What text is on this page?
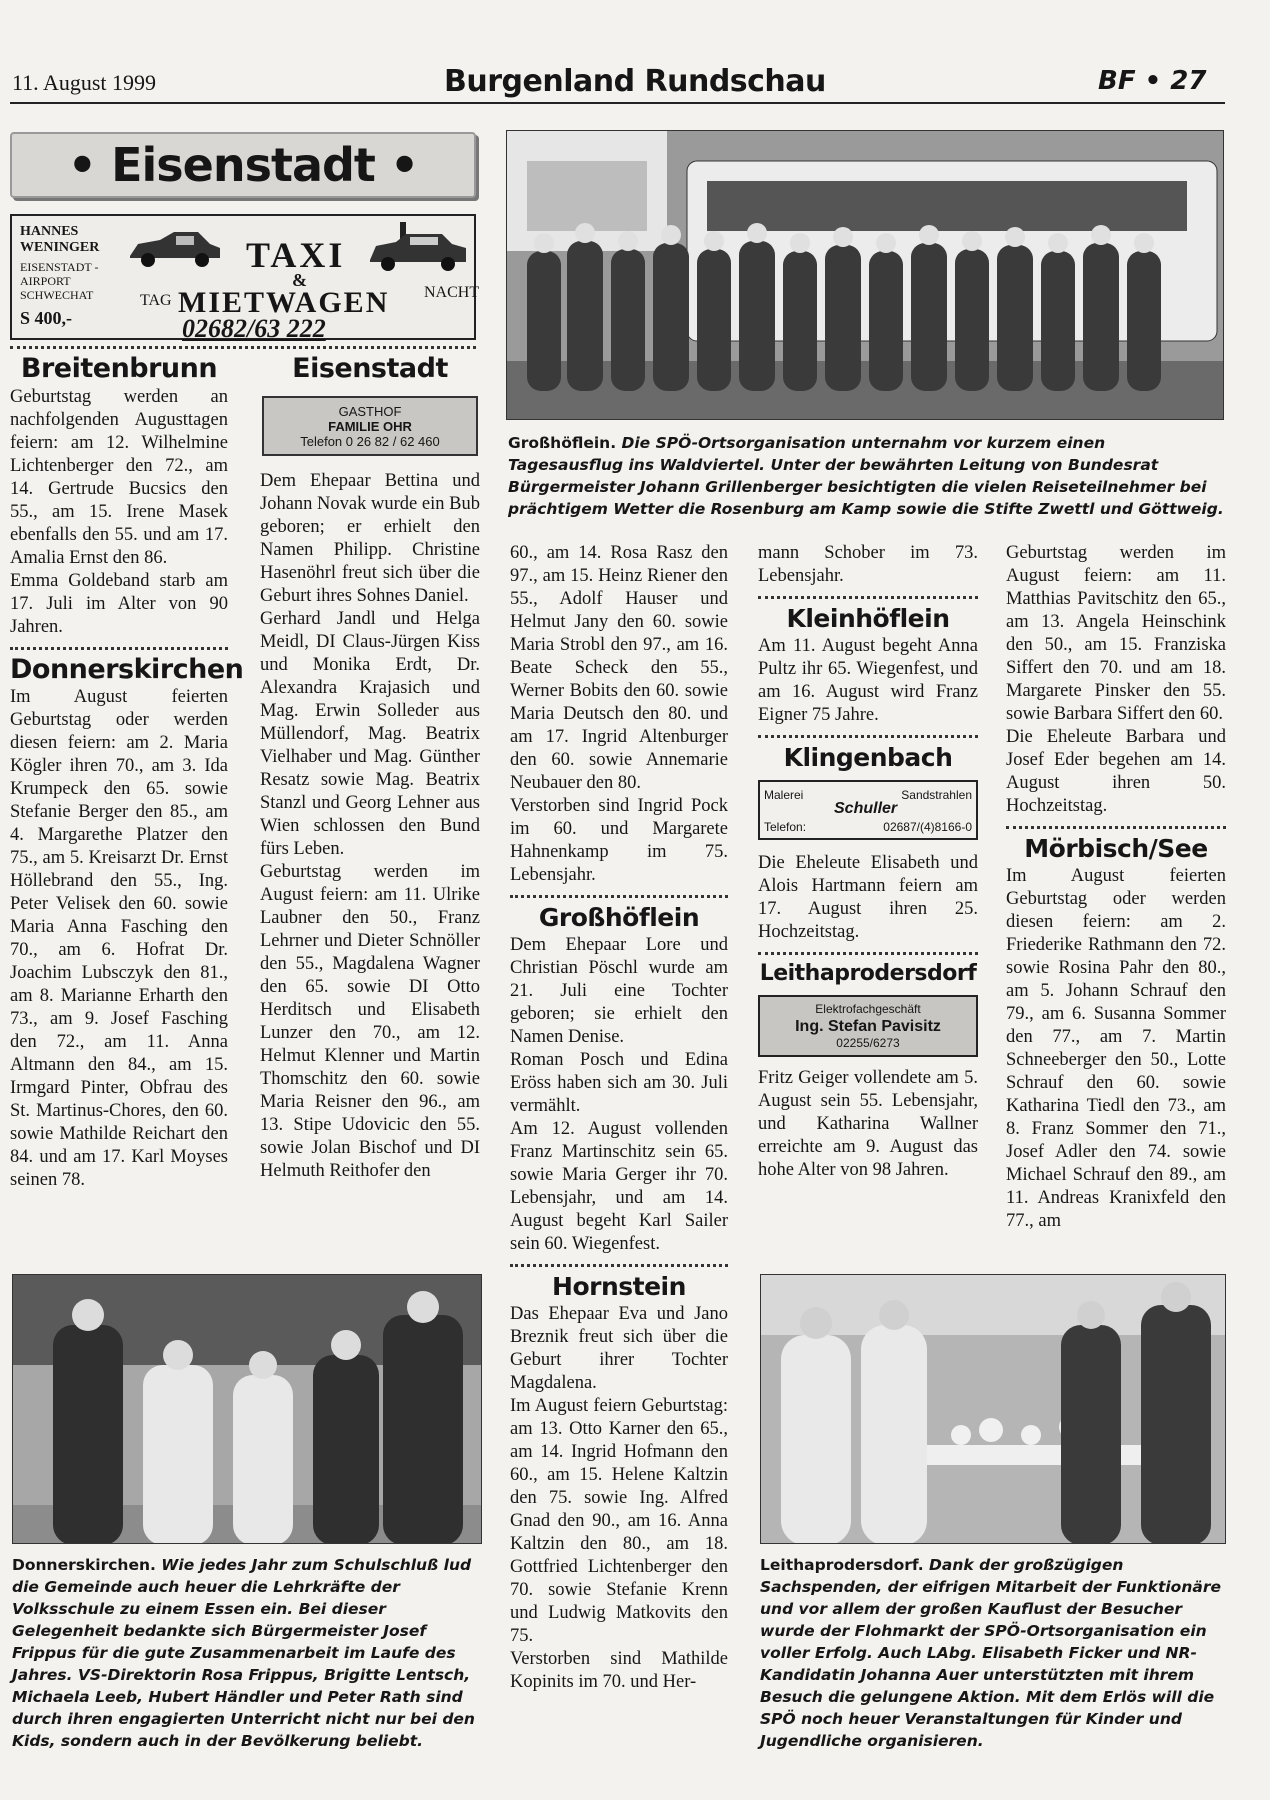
11. August 1999	Burgenland Rundschau	BF • 27
• Eisenstadt •
HANNES WENINGER
EISENSTADT - AIRPORT SCHWECHAT
S 400,-
TAXI
&
TAG MIETWAGEN NACHT
02682/63 222
Breitenbrunn

Geburtstag werden an nachfolgenden Augusttagen feiern: am 12. Wilhelmine Lichtenberger den 72., am 14. Gertrude Bucsics den 55., am 15. Irene Masek ebenfalls den 55. und am 17. Amalia Ernst den 86.

Emma Goldeband starb am 17. Juli im Alter von 90 Jahren.

Donnerskirchen

Im August feierten Geburtstag oder werden diesen feiern: am 2. Maria Kögler ihren 70., am 3. Ida Krumpeck den 65. sowie Stefanie Berger den 85., am 4. Margarethe Platzer den 75., am 5. Kreisarzt Dr. Ernst Höllebrand den 55., Ing. Peter Velisek den 60. sowie Maria Anna Fasching den 70., am 6. Hofrat Dr. Joachim Lubsczyk den 81., am 8. Marianne Erharth den 73., am 9. Josef Fasching den 72., am 11. Anna Altmann den 84., am 15. Irmgard Pinter, Obfrau des St. Martinus-Chores, den 60. sowie Mathilde Reichart den 84. und am 17. Karl Moyses seinen 78.

Eisenstadt
GASTHOF
FAMILIE OHR
Telefon 0 26 82 / 62 460

Dem Ehepaar Bettina und Johann Novak wurde ein Bub geboren; er erhielt den Namen Philipp. Christine Hasenöhrl freut sich über die Geburt ihres Sohnes Daniel.

Gerhard Jandl und Helga Meidl, DI Claus-Jürgen Kiss und Monika Erdt, Dr. Alexandra Krajasich und Mag. Erwin Solleder aus Müllendorf, Mag. Beatrix Vielhaber und Mag. Günther Resatz sowie Mag. Beatrix Stanzl und Georg Lehner aus Wien schlossen den Bund fürs Leben.

Geburtstag werden im August feiern: am 11. Ulrike Laubner den 50., Franz Lehrner und Dieter Schnöller den 55., Magdalena Wagner den 65. sowie DI Otto Herditsch und Elisabeth Lunzer den 70., am 12. Helmut Klenner und Martin Thomschitz den 60. sowie Maria Reisner den 96., am 13. Stipe Udovicic den 55. sowie Jolan Bischof und DI Helmuth Reithofer den

Großhöflein. Die SPÖ-Ortsorganisation unternahm vor kurzem einen Tagesausflug ins Waldviertel. Unter der bewährten Leitung von Bundesrat Bürgermeister Johann Grillenberger besichtigten die vielen Reiseteilnehmer bei prächtigem Wetter die Rosenburg am Kamp sowie die Stifte Zwettl und Göttweig.

60., am 14. Rosa Rasz den 97., am 15. Heinz Riener den 55., Adolf Hauser und Helmut Jany den 60. sowie Maria Strobl den 97., am 16. Beate Scheck den 55., Werner Bobits den 60. sowie Maria Deutsch den 80. und am 17. Ingrid Altenburger den 60. sowie Annemarie Neubauer den 80.

Verstorben sind Ingrid Pock im 60. und Margarete Hahnenkamp im 75. Lebensjahr.

Großhöflein

Dem Ehepaar Lore und Christian Pöschl wurde am 21. Juli eine Tochter geboren; sie erhielt den Namen Denise.

Roman Posch und Edina Eröss haben sich am 30. Juli vermählt.

Am 12. August vollenden Franz Martinschitz sein 65. sowie Maria Gerger ihr 70. Lebensjahr, und am 14. August begeht Karl Sailer sein 60. Wiegenfest.

Hornstein

Das Ehepaar Eva und Jano Breznik freut sich über die Geburt ihrer Tochter Magdalena.

Im August feiern Geburtstag: am 13. Otto Karner den 65., am 14. Ingrid Hofmann den 60., am 15. Helene Kaltzin den 75. sowie Ing. Alfred Gnad den 90., am 16. Anna Kaltzin den 80., am 18. Gottfried Lichtenberger den 70. sowie Stefanie Krenn und Ludwig Matkovits den 75.

Verstorben sind Mathilde Kopinits im 70. und Her-

mann Schober im 73. Lebensjahr.

Kleinhöflein

Am 11. August begeht Anna Pultz ihr 65. Wiegenfest, und am 16. August wird Franz Eigner 75 Jahre.

Klingenbach
Malerei	Sandstrahlen
Schuller
Telefon:	02687/(4)8166-0

Die Eheleute Elisabeth und Alois Hartmann feiern am 17. August ihren 25. Hochzeitstag.

Leithaprodersdorf
Elektrofachgeschäft
Ing. Stefan Pavisitz
02255/6273

Fritz Geiger vollendete am 5. August sein 55. Lebensjahr, und Katharina Wallner erreichte am 9. August das hohe Alter von 98 Jahren.

Geburtstag werden im August feiern: am 11. Matthias Pavitschitz den 65., am 13. Angela Heinschink den 50., am 15. Franziska Siffert den 70. und am 18. Margarete Pinsker den 55. sowie Barbara Siffert den 60.

Die Eheleute Barbara und Josef Eder begehen am 14. August ihren 50. Hochzeitstag.

Mörbisch/See

Im August feierten Geburtstag oder werden diesen feiern: am 2. Friederike Rathmann den 72. sowie Rosina Pahr den 80., am 5. Johann Schrauf den 79., am 6. Susanna Sommer den 77., am 7. Martin Schneeberger den 50., Lotte Schrauf den 60. sowie Katharina Tiedl den 73., am 8. Franz Sommer den 71., Josef Adler den 74. sowie Michael Schrauf den 89., am 11. Andreas Kranixfeld den 77., am

Donnerskirchen. Wie jedes Jahr zum Schulschluß lud die Gemeinde auch heuer die Lehrkräfte der Volksschule zu einem Essen ein. Bei dieser Gelegenheit bedankte sich Bürgermeister Josef Frippus für die gute Zusammenarbeit im Laufe des Jahres. VS-Direktorin Rosa Frippus, Brigitte Lentsch, Michaela Leeb, Hubert Händler und Peter Rath sind durch ihren engagierten Unterricht nicht nur bei den Kids, sondern auch in der Bevölkerung beliebt.
Leithaprodersdorf. Dank der großzügigen Sachspenden, der eifrigen Mitarbeit der Funktionäre und vor allem der großen Kauflust der Besucher wurde der Flohmarkt der SPÖ-Ortsorganisation ein voller Erfolg. Auch LAbg. Elisabeth Ficker und NR-Kandidatin Johanna Auer unterstützten mit ihrem Besuch die gelungene Aktion. Mit dem Erlös will die SPÖ noch heuer Veranstaltungen für Kinder und Jugendliche organisieren.
